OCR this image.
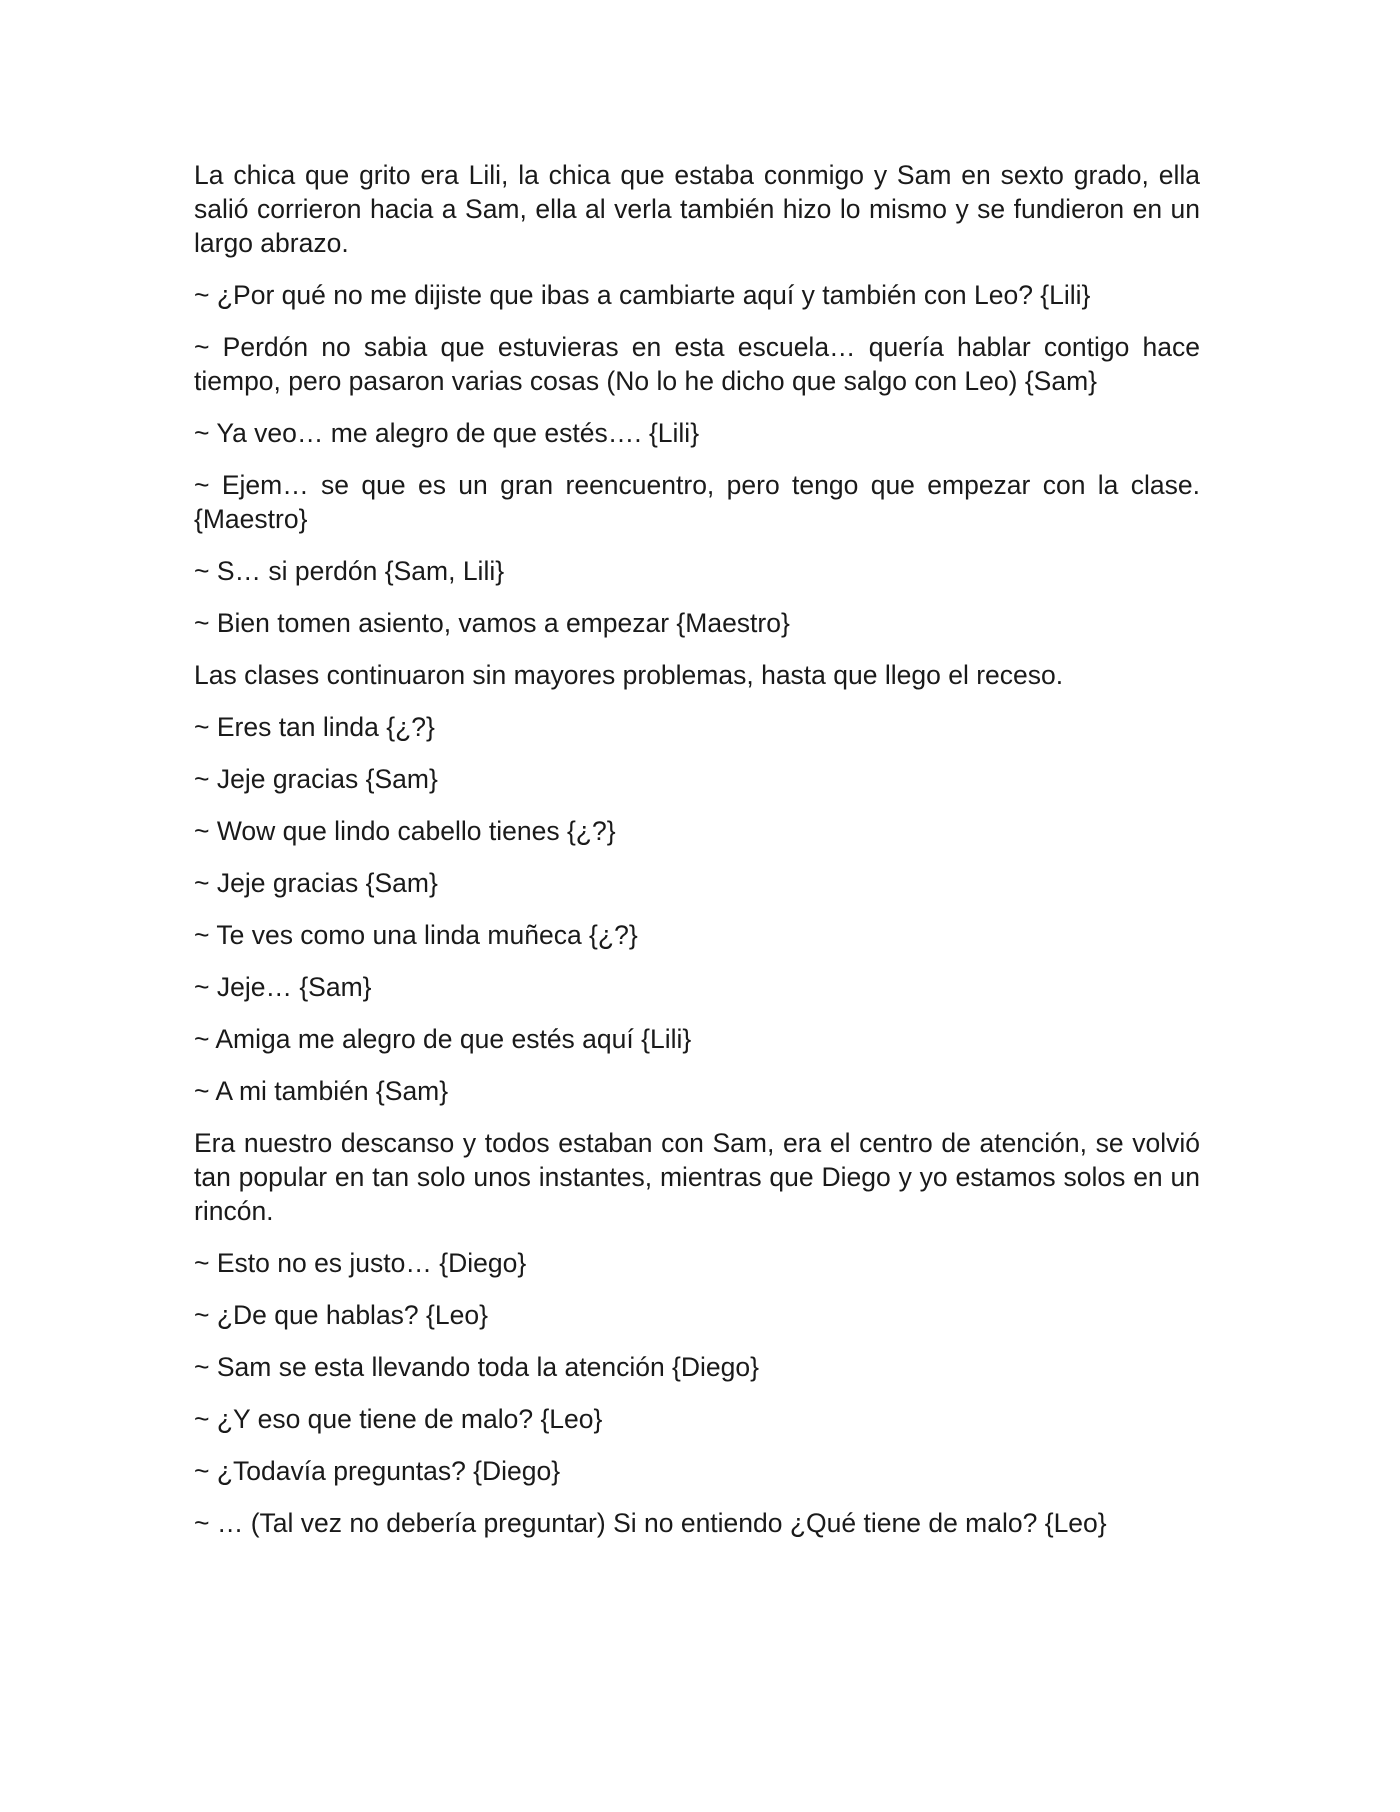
La chica que grito era Lili, la chica que estaba conmigo y Sam en sexto grado, ella salió corrieron hacia a Sam, ella al verla también hizo lo mismo y se fundieron en un largo abrazo.

~ ¿Por qué no me dijiste que ibas a cambiarte aquí y también con Leo? {Lili}

~ Perdón no sabia que estuvieras en esta escuela… quería hablar contigo hace tiempo, pero pasaron varias cosas (No lo he dicho que salgo con Leo) {Sam}

~ Ya veo… me alegro de que estés…. {Lili}

~ Ejem… se que es un gran reencuentro, pero tengo que empezar con la clase. {Maestro}

~ S… si perdón {Sam, Lili}

~ Bien tomen asiento, vamos a empezar {Maestro}

Las clases continuaron sin mayores problemas, hasta que llego el receso.

~ Eres tan linda {¿?}

~ Jeje gracias {Sam}

~ Wow que lindo cabello tienes {¿?}

~ Jeje gracias {Sam}

~ Te ves como una linda muñeca {¿?}

~ Jeje… {Sam}

~ Amiga me alegro de que estés aquí {Lili}

~ A mi también {Sam}

Era nuestro descanso y todos estaban con Sam, era el centro de atención, se volvió tan popular en tan solo unos instantes, mientras que Diego y yo estamos solos en un rincón.

~ Esto no es justo… {Diego}

~ ¿De que hablas? {Leo}

~ Sam se esta llevando toda la atención {Diego}

~ ¿Y eso que tiene de malo? {Leo}

~ ¿Todavía preguntas? {Diego}

~ … (Tal vez no debería preguntar) Si no entiendo ¿Qué tiene de malo? {Leo}
